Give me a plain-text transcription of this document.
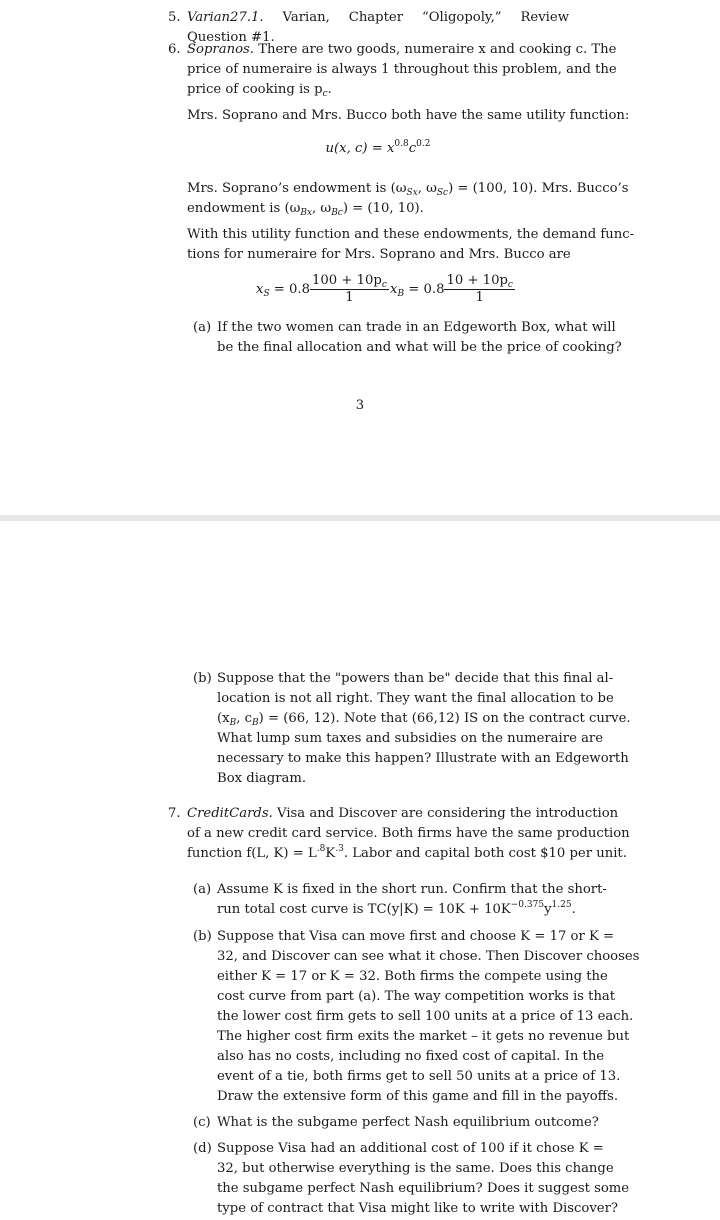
5. Varian27.1. Varian, Chapter “Oligopoly,” Review Question #1.
6. Sopranos. There are two goods, numeraire x and cooking c. The
price of numeraire is always 1 throughout this problem, and the
price of cooking is $p_c$.
Mrs. Soprano and Mrs. Bucco both have the same utility function:
u(x, $c) = x^{0.8}c^{0.2}$
Mrs. Soprano’s endowment is ($\omega_{Sx}$, $\omega_{Sc}) = (100$, 10). Mrs. Bucco’s
endowment is ($\omega_{Bx}$, $\omega_{Bc}) = (10$, 10).
With this utility function and these endowments, the demand func-
tions for numeraire for Mrs. Soprano and Mrs. Bucco are
$x_S = 0.8 \frac{100 + 10p_c}{1} x_B = 0.8 \frac{10 + 10p_c}{1}$
(a) If the two women can trade in an Edgeworth Box, what will
be the final allocation and what will be the price of cooking?
3
(b) Suppose that the "powers than be" decide that this final al-
location is not all right. They want the final allocation to be
($x_B$, $c_B) = (66$, 12). Note that (66,12) IS on the contract curve.
What lump sum taxes and subsidies on the numeraire are
necessary to make this happen? Illustrate with an Edgeworth
Box diagram.
7. CreditCards. Visa and Discover are considering the introduction
of a new credit card service. Both firms have the same production
function f(L, $K) = L^{.8}K^{.3}$. Labor and capital both cost $10 per unit.
(a) Assume K is fixed in the short run. Confirm that the short-
run total cost curve is $TC(y|K) = 10K + 10K^{-0.375}y^{1.25}$.
(b) Suppose that Visa can move first and choose K = 17 or K =
32, and Discover can see what it chose. Then Discover chooses
either K = 17 or K = 32. Both firms the compete using the
cost curve from part (a). The way competition works is that
the lower cost firm gets to sell 100 units at a price of 13 each.
The higher cost firm exits the market – it gets no revenue but
also has no costs, including no fixed cost of capital. In the
event of a tie, both firms get to sell 50 units at a price of 13.
Draw the extensive form of this game and fill in the payoffs.
(c) What is the subgame perfect Nash equilibrium outcome?
(d) Suppose Visa had an additional cost of 100 if it chose K =
32, but otherwise everything is the same. Does this change
the subgame perfect Nash equilibrium? Does it suggest some
type of contract that Visa might like to write with Discover?
